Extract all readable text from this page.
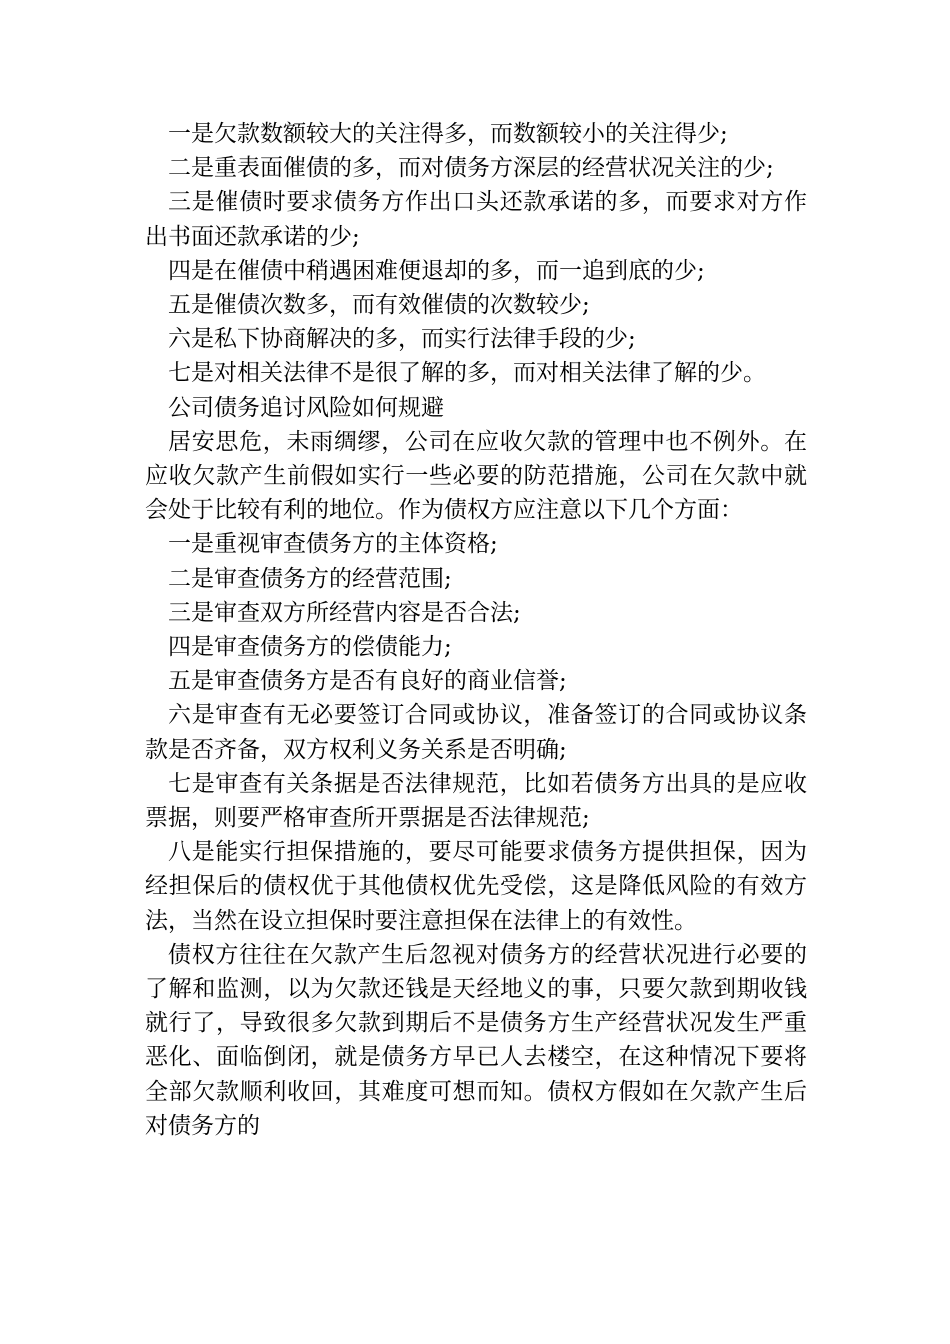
一是欠款数额较大的关注得多，而数额较小的关注得少;

二是重表面催债的多，而对债务方深层的经营状况关注的少;

三是催债时要求债务方作出口头还款承诺的多，而要求对方作出书面还款承诺的少;

四是在催债中稍遇困难便退却的多，而一追到底的少;

五是催债次数多，而有效催债的次数较少;

六是私下协商解决的多，而实行法律手段的少;

七是对相关法律不是很了解的多，而对相关法律了解的少。

公司债务追讨风险如何规避

居安思危，未雨绸缪，公司在应收欠款的管理中也不例外。在应收欠款产生前假如实行一些必要的防范措施，公司在欠款中就会处于比较有利的地位。作为债权方应注意以下几个方面：

一是重视审查债务方的主体资格;

二是审查债务方的经营范围;

三是审查双方所经营内容是否合法;

四是审查债务方的偿债能力;

五是审查债务方是否有良好的商业信誉;

六是审查有无必要签订合同或协议，准备签订的合同或协议条款是否齐备，双方权利义务关系是否明确;

七是审查有关条据是否法律规范，比如若债务方出具的是应收票据，则要严格审查所开票据是否法律规范;

八是能实行担保措施的，要尽可能要求债务方提供担保，因为经担保后的债权优于其他债权优先受偿，这是降低风险的有效方法，当然在设立担保时要注意担保在法律上的有效性。

债权方往往在欠款产生后忽视对债务方的经营状况进行必要的了解和监测，以为欠款还钱是天经地义的事，只要欠款到期收钱就行了，导致很多欠款到期后不是债务方生产经营状况发生严重恶化、面临倒闭，就是债务方早已人去楼空，在这种情况下要将全部欠款顺利收回，其难度可想而知。债权方假如在欠款产生后对债务方的
